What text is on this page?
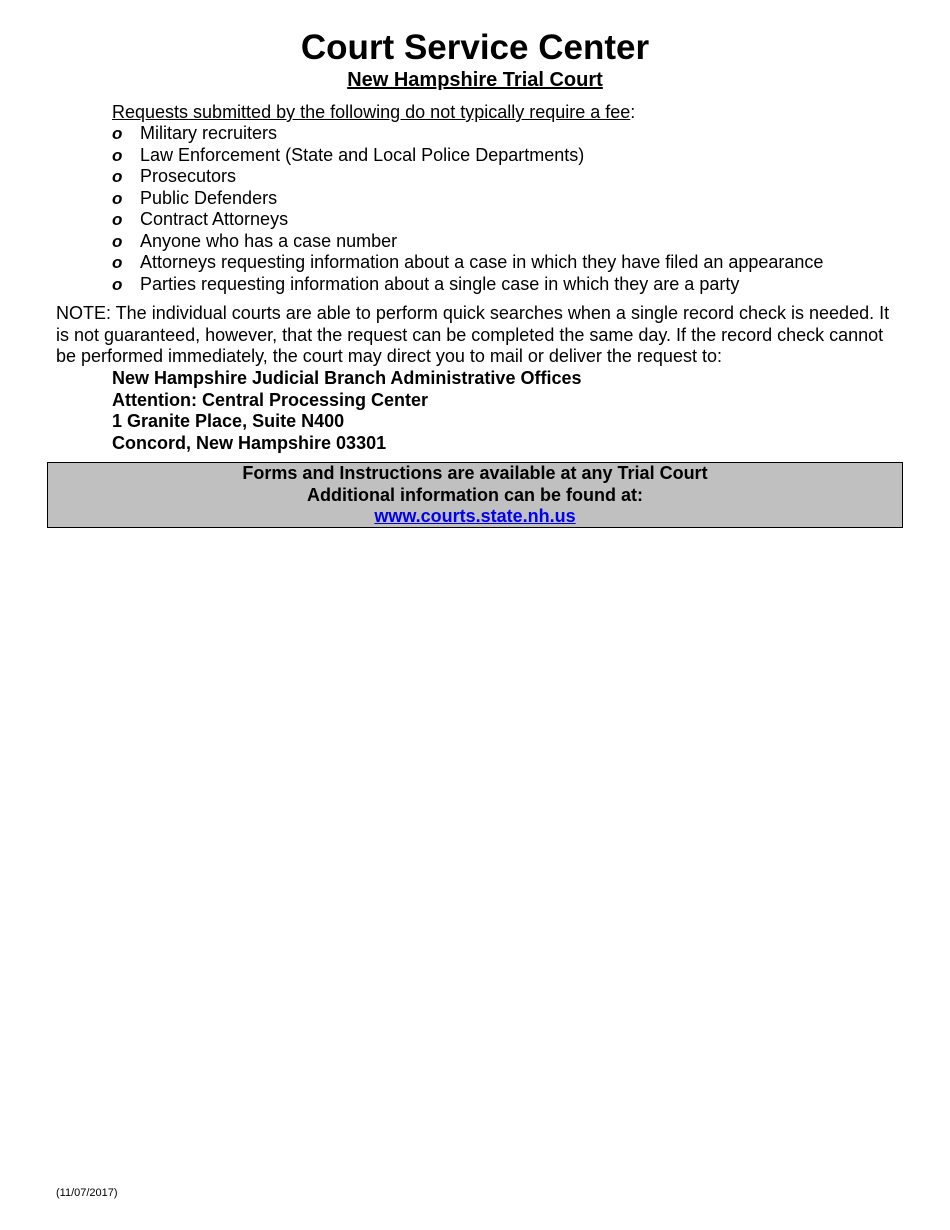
Court Service Center
New Hampshire Trial Court

Requests submitted by the following do not typically require a fee:

o Military recruiters
o Law Enforcement (State and Local Police Departments)
o Prosecutors
o Public Defenders
o Contract Attorneys
o Anyone who has a case number
o Attorneys requesting information about a case in which they have filed an appearance
o Parties requesting information about a single case in which they are a party

NOTE: The individual courts are able to perform quick searches when a single record check is needed. It is not guaranteed, however, that the request can be completed the same day. If the record check cannot be performed immediately, the court may direct you to mail or deliver the request to:

New Hampshire Judicial Branch Administrative Offices
Attention: Central Processing Center
1 Granite Place, Suite N400
Concord, New Hampshire 03301
Forms and Instructions are available at any Trial Court
Additional information can be found at:
www.courts.state.nh.us

(11/07/2017)
